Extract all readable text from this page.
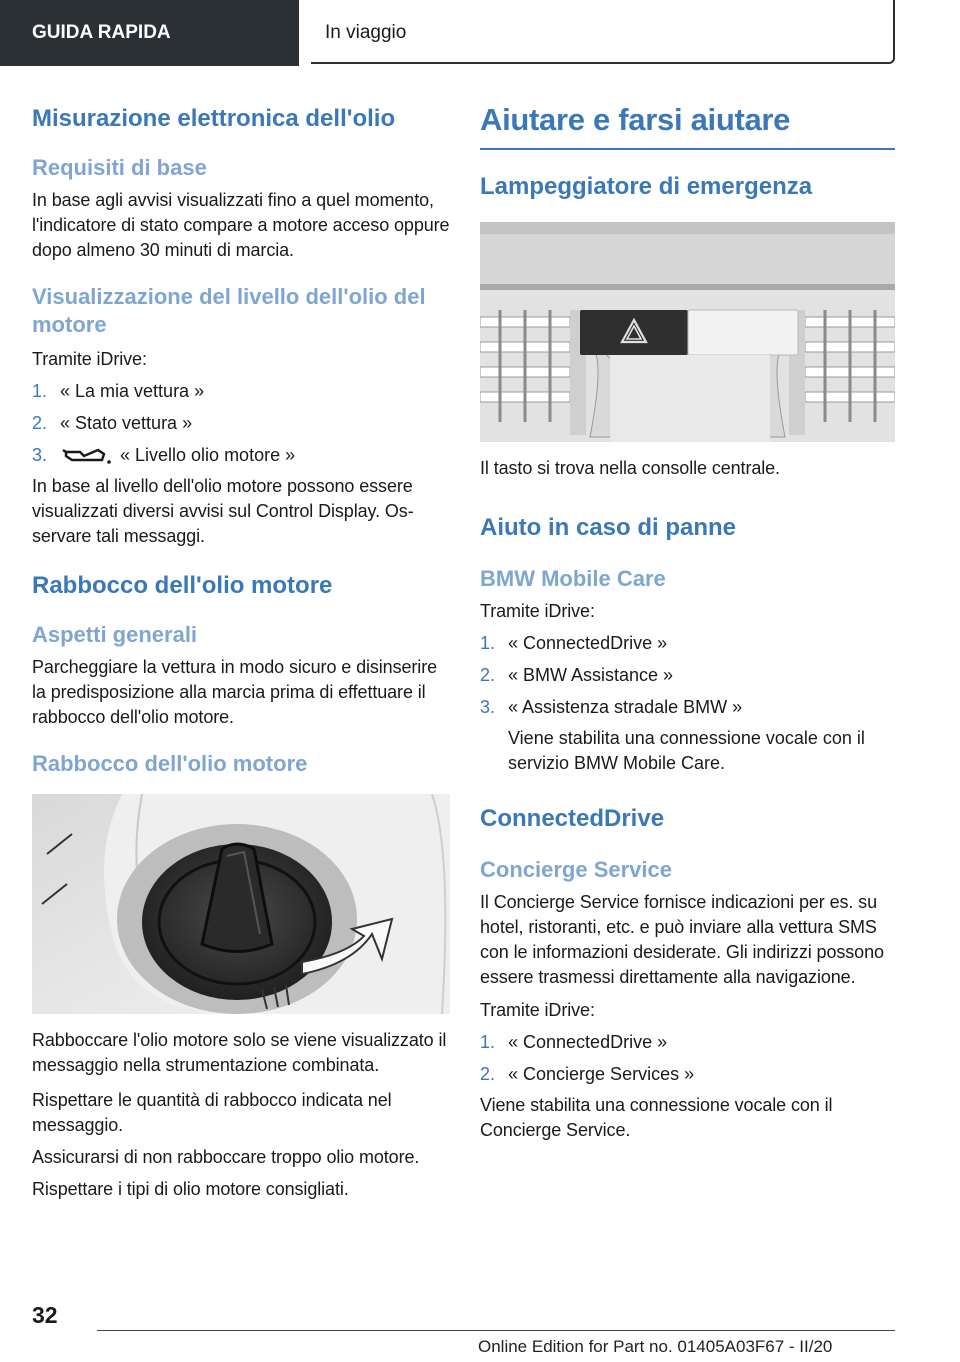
GUIDA RAPIDA	In viaggio
Misurazione elettronica dell'olio
Requisiti di base

In base agli avvisi visualizzati fino a quel momento, l'indicatore di stato compare a motore acceso oppure dopo almeno 30 minuti di marcia.

Visualizzazione del livello dell'olio del motore

Tramite iDrive:

1. « La mia vettura »
2. « Stato vettura »
3.	« Livello olio motore »

In base al livello dell'olio motore possono essere visualizzati diversi avvisi sul Control Display. Osservare tali messaggi.

Rabbocco dell'olio motore
Aspetti generali

Parcheggiare la vettura in modo sicuro e disinserire la predisposizione alla marcia prima di effettuare il rabbocco dell'olio motore.

Rabbocco dell'olio motore

Rabboccare l'olio motore solo se viene visualizzato il messaggio nella strumentazione combinata.

Rispettare le quantità di rabbocco indicata nel messaggio.

Assicurarsi di non rabboccare troppo olio motore.

Rispettare i tipi di olio motore consigliati.

Aiutare e farsi aiutare
Lampeggiatore di emergenza

Il tasto si trova nella consolle centrale.

Aiuto in caso di panne
BMW Mobile Care

Tramite iDrive:

1. « ConnectedDrive »
2. « BMW Assistance »
3. « Assistenza stradale BMW »
Viene stabilita una connessione vocale con il servizio BMW Mobile Care.
ConnectedDrive
Concierge Service

Il Concierge Service fornisce indicazioni per es. su hotel, ristoranti, etc. e può inviare alla vettura SMS con le informazioni desiderate. Gli indirizzi possono essere trasmessi direttamente alla navigazione.

Tramite iDrive:

1. « ConnectedDrive »
2. « Concierge Services »

Viene stabilita una connessione vocale con il Concierge Service.

32
Online Edition for Part no. 01405A03F67 - II/20
